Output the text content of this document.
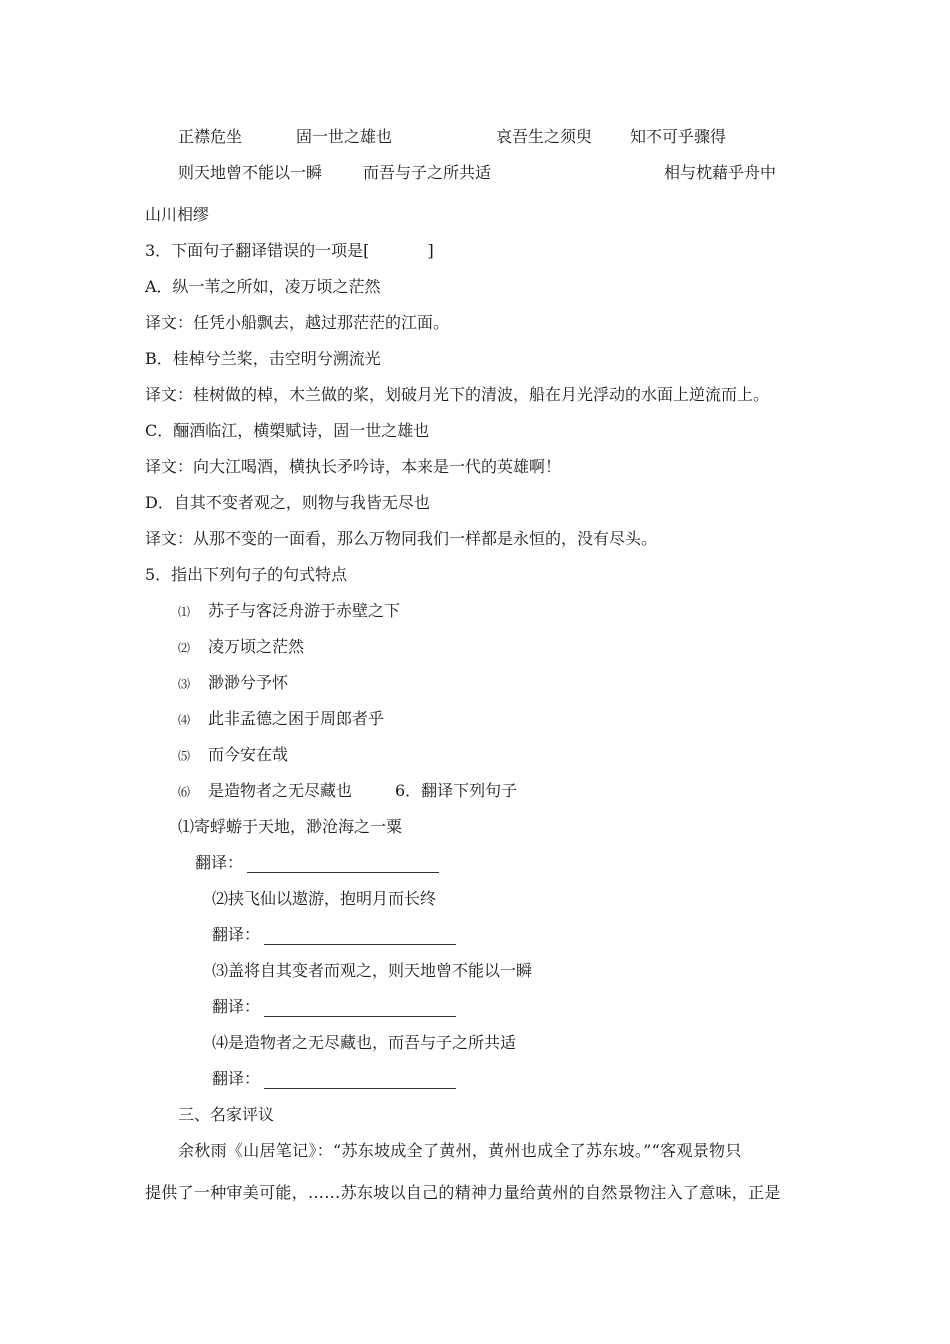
正襟危坐	固一世之雄也	哀吾生之须臾 知不可乎骤得
则天地曾不能以一瞬	而吾与子之所共适	相与枕藉乎舟中
山川相缪
3．下面句子翻译错误的一项是[	]
A．纵一苇之所如，凌万顷之茫然
译文：任凭小船飘去，越过那茫茫的江面。
B．桂棹兮兰桨，击空明兮溯流光
译文：桂树做的棹，木兰做的桨，划破月光下的清波，船在月光浮动的水面上逆流而上。
C．酾酒临江，横槊赋诗，固一世之雄也
译文：向大江喝酒，横执长矛吟诗，本来是一代的英雄啊！
D．自其不变者观之，则物与我皆无尽也
译文：从那不变的一面看，那么万物同我们一样都是永恒的，没有尽头。
5．指出下列句子的句式特点
⑴ 苏子与客泛舟游于赤壁之下
⑵ 凌万顷之茫然
⑶ 渺渺兮予怀
⑷ 此非孟德之困于周郎者乎
⑸ 而今安在哉
⑹ 是造物者之无尽藏也	6．翻译下列句子
⑴寄蜉蝣于天地，渺沧海之一粟
翻译：
⑵挟飞仙以遨游，抱明月而长终
翻译：
⑶盖将自其变者而观之，则天地曾不能以一瞬
翻译：
⑷是造物者之无尽藏也，而吾与子之所共适
翻译：
三、名家评议
余秋雨《山居笔记》：“苏东坡成全了黄州，黄州也成全了苏东坡。”“客观景物只
提供了一种审美可能，……苏东坡以自己的精神力量给黄州的自然景物注入了意味，正是
